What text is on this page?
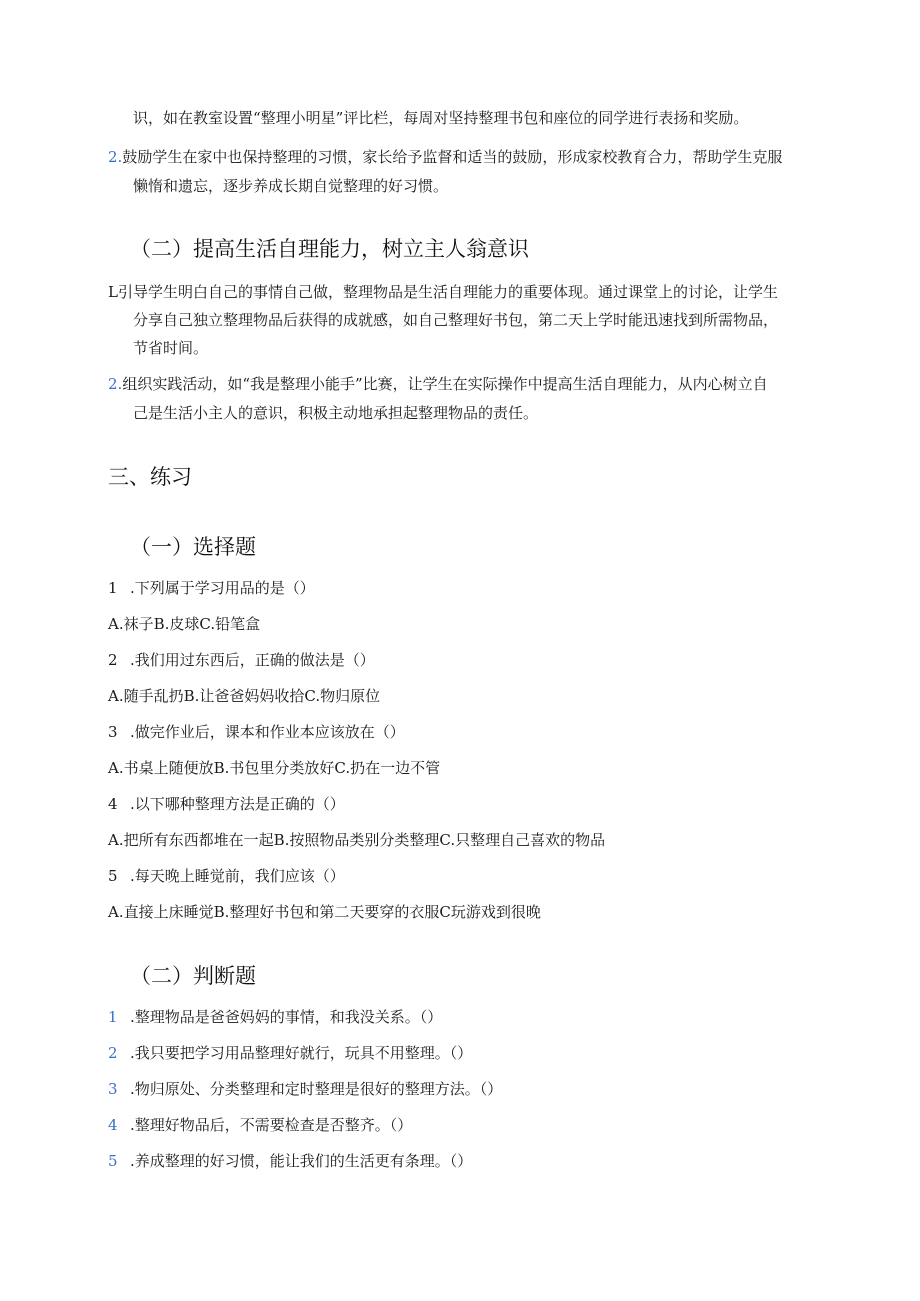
识，如在教室设置“整理小明星”评比栏，每周对坚持整理书包和座位的同学进行表扬和奖励。
2.鼓励学生在家中也保持整理的习惯，家长给予监督和适当的鼓励，形成家校教育合力，帮助学生克服
懒惰和遗忘，逐步养成长期自觉整理的好习惯。
（二）提高生活自理能力，树立主人翁意识
L引导学生明白自己的事情自己做，整理物品是生活自理能力的重要体现。通过课堂上的讨论，让学生
分享自己独立整理物品后获得的成就感，如自己整理好书包，第二天上学时能迅速找到所需物品，
节省时间。
2.组织实践活动，如“我是整理小能手”比赛，让学生在实际操作中提高生活自理能力，从内心树立自
己是生活小主人的意识，积极主动地承担起整理物品的责任。
三、练习
（一）选择题
1 .下列属于学习用品的是（）
A.袜子B.皮球C.铅笔盒
2 .我们用过东西后，正确的做法是（）
A.随手乱扔B.让爸爸妈妈收拾C.物归原位
3 .做完作业后，课本和作业本应该放在（）
A.书桌上随便放B.书包里分类放好C.扔在一边不管
4 .以下哪种整理方法是正确的（）
A.把所有东西都堆在一起B.按照物品类别分类整理C.只整理自己喜欢的物品
5 .每天晚上睡觉前，我们应该（）
A.直接上床睡觉B.整理好书包和第二天要穿的衣服C玩游戏到很晚
（二）判断题
1 .整理物品是爸爸妈妈的事情，和我没关系。（）
2 .我只要把学习用品整理好就行，玩具不用整理。（）
3 .物归原处、分类整理和定时整理是很好的整理方法。（）
4 .整理好物品后，不需要检查是否整齐。（）
5 .养成整理的好习惯，能让我们的生活更有条理。（）
